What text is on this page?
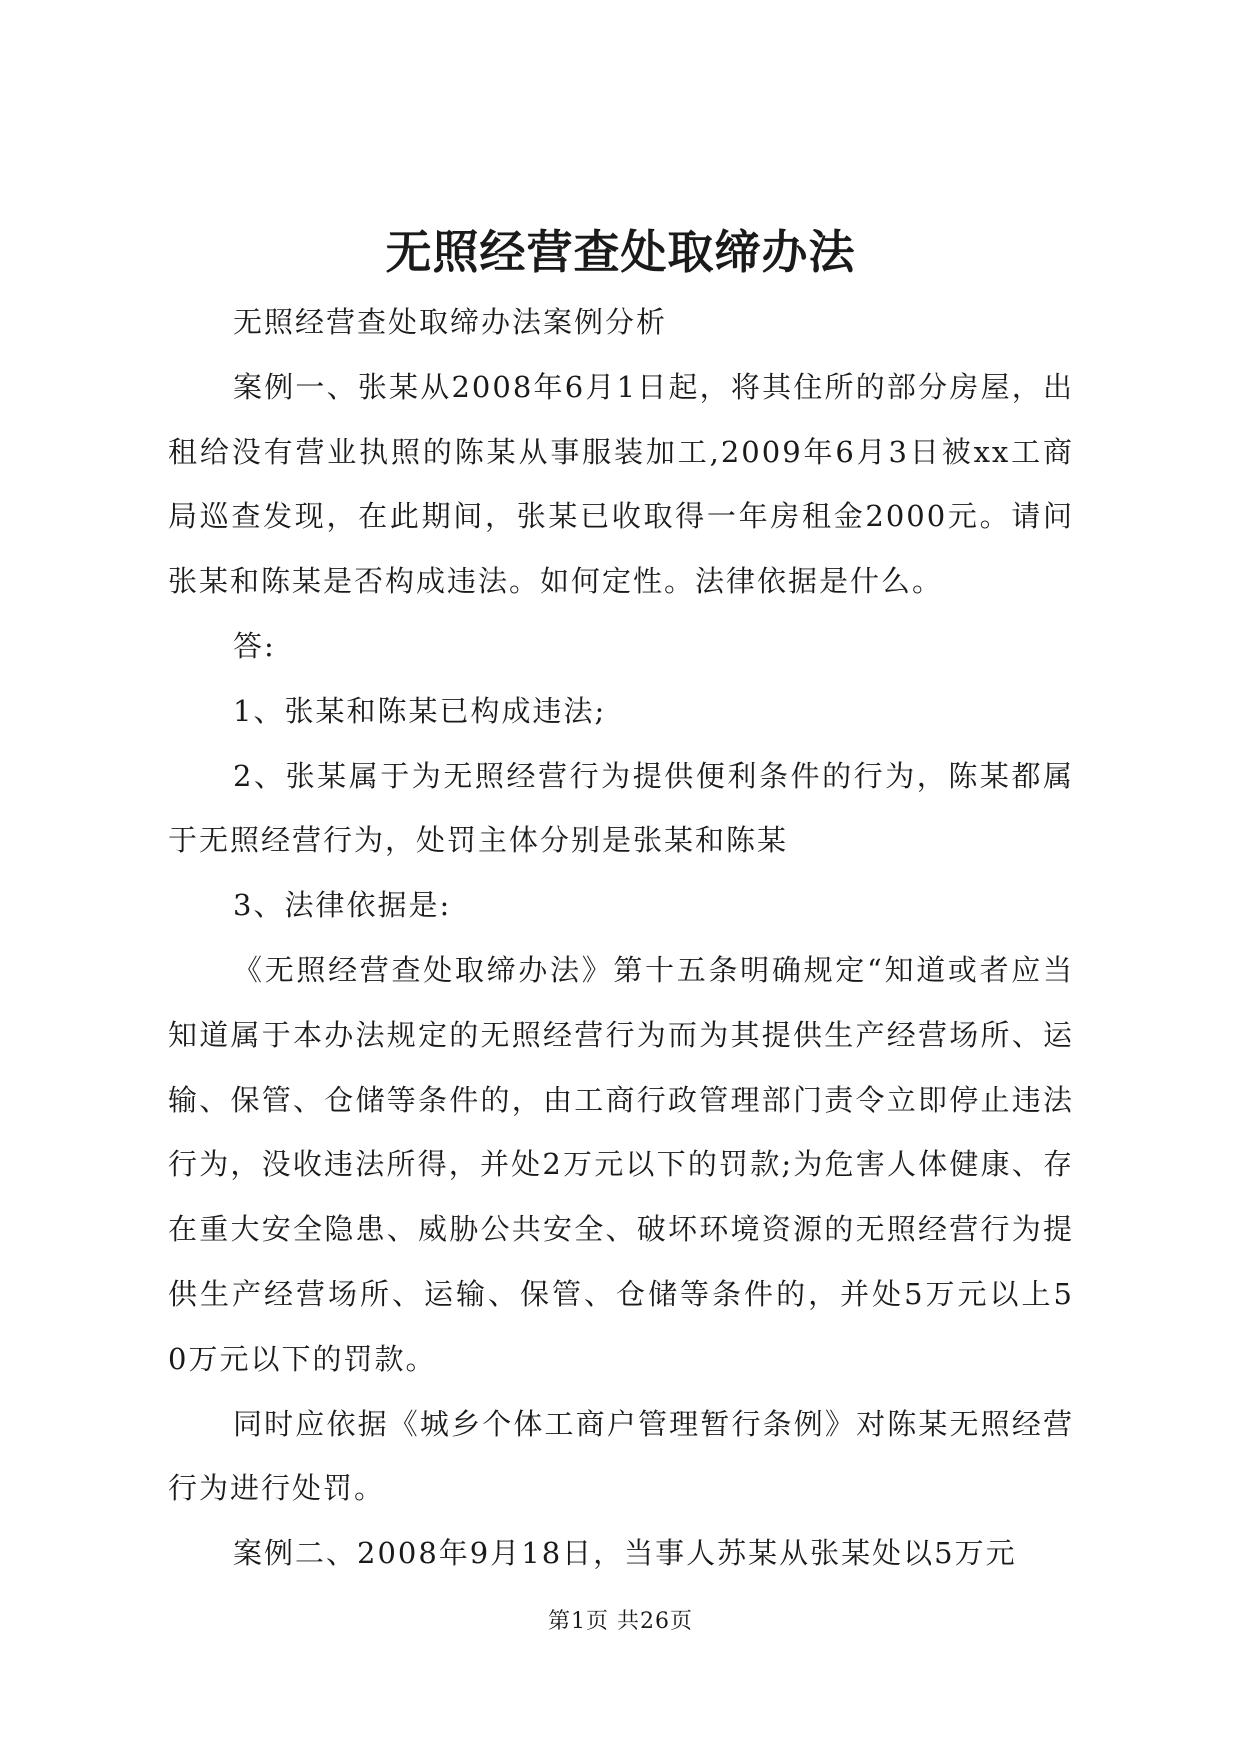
无照经营查处取缔办法

无照经营查处取缔办法案例分析

案例一、张某从2008年6月1日起，将其住所的部分房屋，出租给没有营业执照的陈某从事服装加工,2009年6月3日被xx工商局巡查发现，在此期间，张某已收取得一年房租金2000元。请问张某和陈某是否构成违法。如何定性。法律依据是什么。

答:

1、张某和陈某已构成违法;

2、张某属于为无照经营行为提供便利条件的行为，陈某都属于无照经营行为，处罚主体分别是张某和陈某

3、法律依据是:

《无照经营查处取缔办法》第十五条明确规定“知道或者应当知道属于本办法规定的无照经营行为而为其提供生产经营场所、运输、保管、仓储等条件的，由工商行政管理部门责令立即停止违法行为，没收违法所得，并处2万元以下的罚款;为危害人体健康、存在重大安全隐患、威胁公共安全、破坏环境资源的无照经营行为提供生产经营场所、运输、保管、仓储等条件的，并处5万元以上5 0万元以下的罚款。

同时应依据《城乡个体工商户管理暂行条例》对陈某无照经营行为进行处罚。

案例二、2008年9月18日，当事人苏某从张某处以5万元

第1页 共26页
